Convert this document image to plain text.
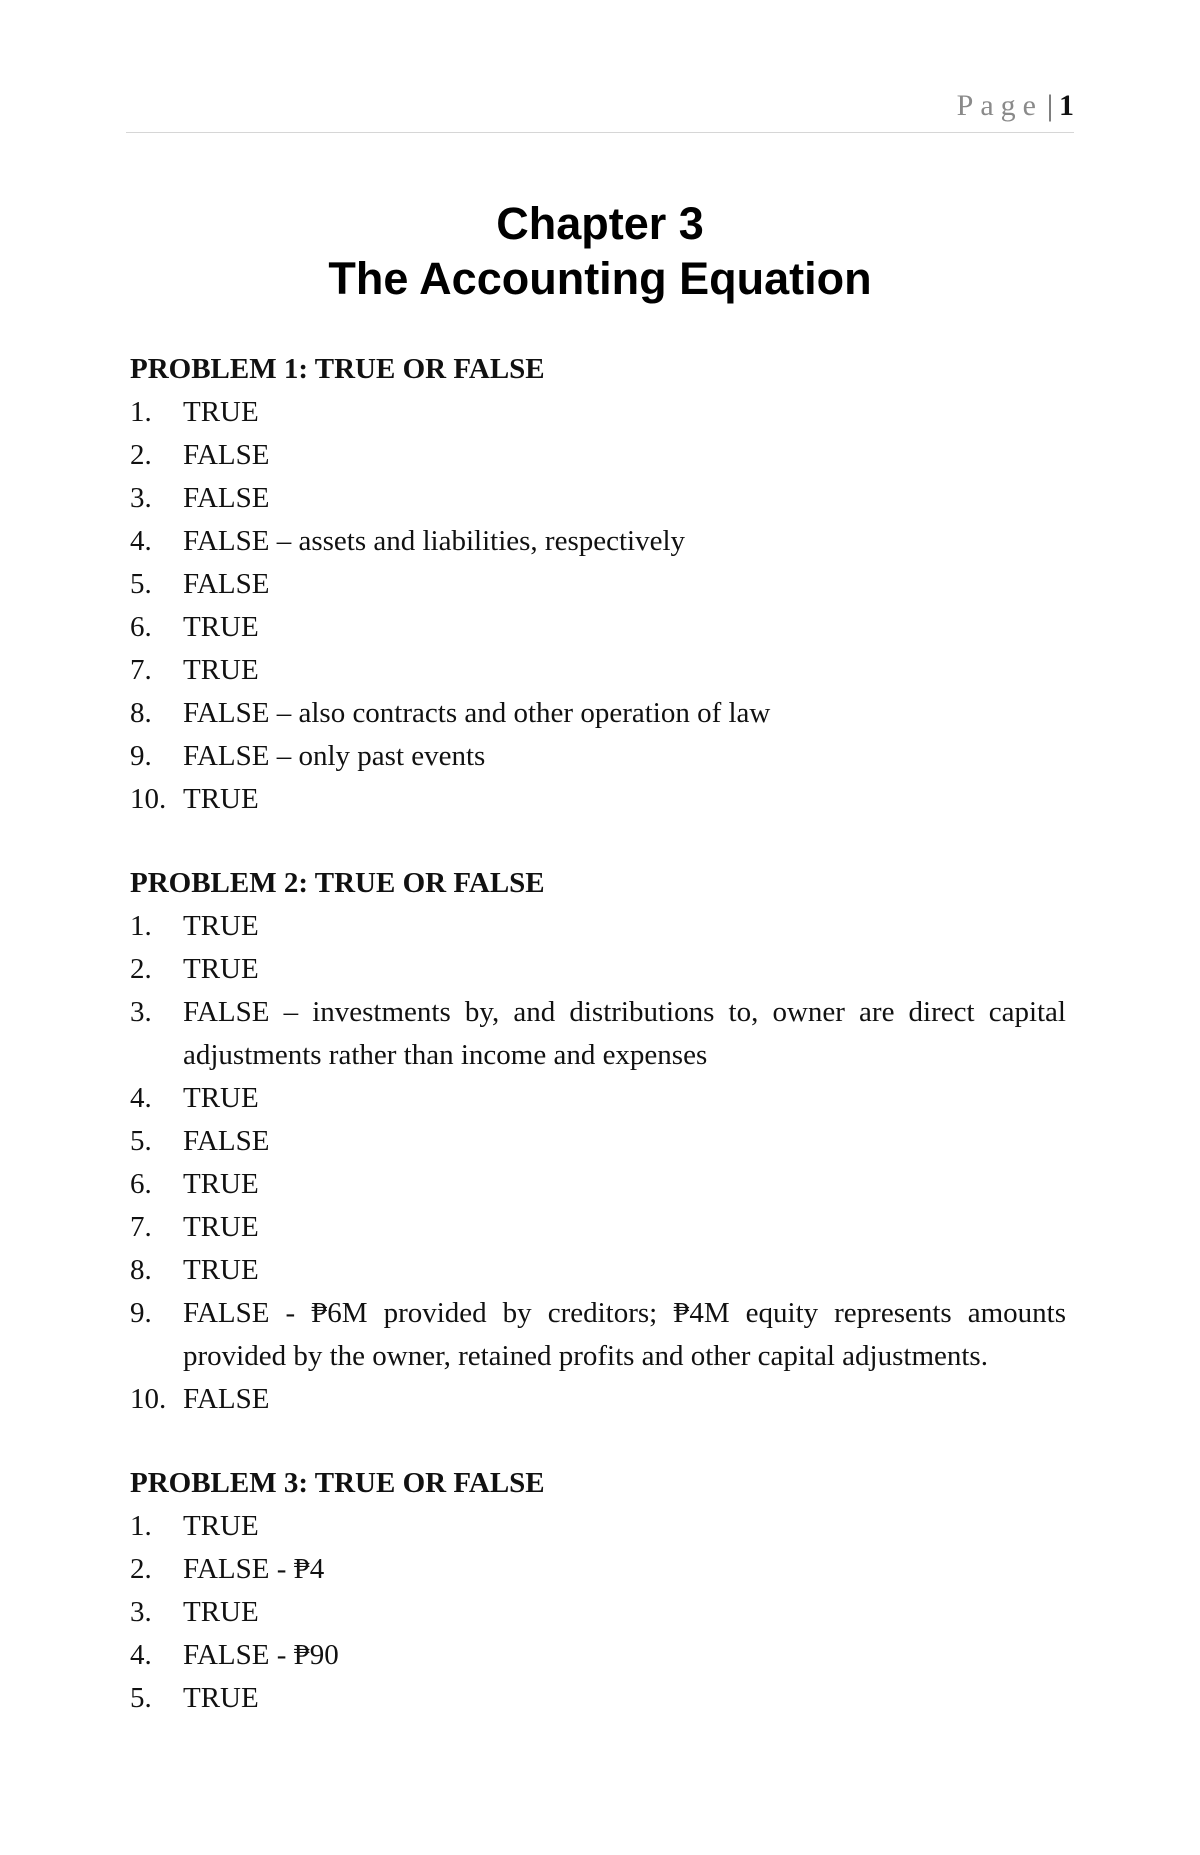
Page | 1
Chapter 3
The Accounting Equation

PROBLEM 1: TRUE OR FALSE

1. TRUE
2. FALSE
3. FALSE
4. FALSE – assets and liabilities, respectively
5. FALSE
6. TRUE
7. TRUE
8. FALSE – also contracts and other operation of law
9. FALSE – only past events
10. TRUE

PROBLEM 2: TRUE OR FALSE

1. TRUE
2. TRUE
3. FALSE – investments by, and distributions to, owner are direct capital adjustments rather than income and expenses
4. TRUE
5. FALSE
6. TRUE
7. TRUE
8. TRUE
9. FALSE - ₱6M provided by creditors; ₱4M equity represents amounts provided by the owner, retained profits and other capital adjustments.
10. FALSE

PROBLEM 3: TRUE OR FALSE

1. TRUE
2. FALSE - ₱4
3. TRUE
4. FALSE - ₱90
5. TRUE
